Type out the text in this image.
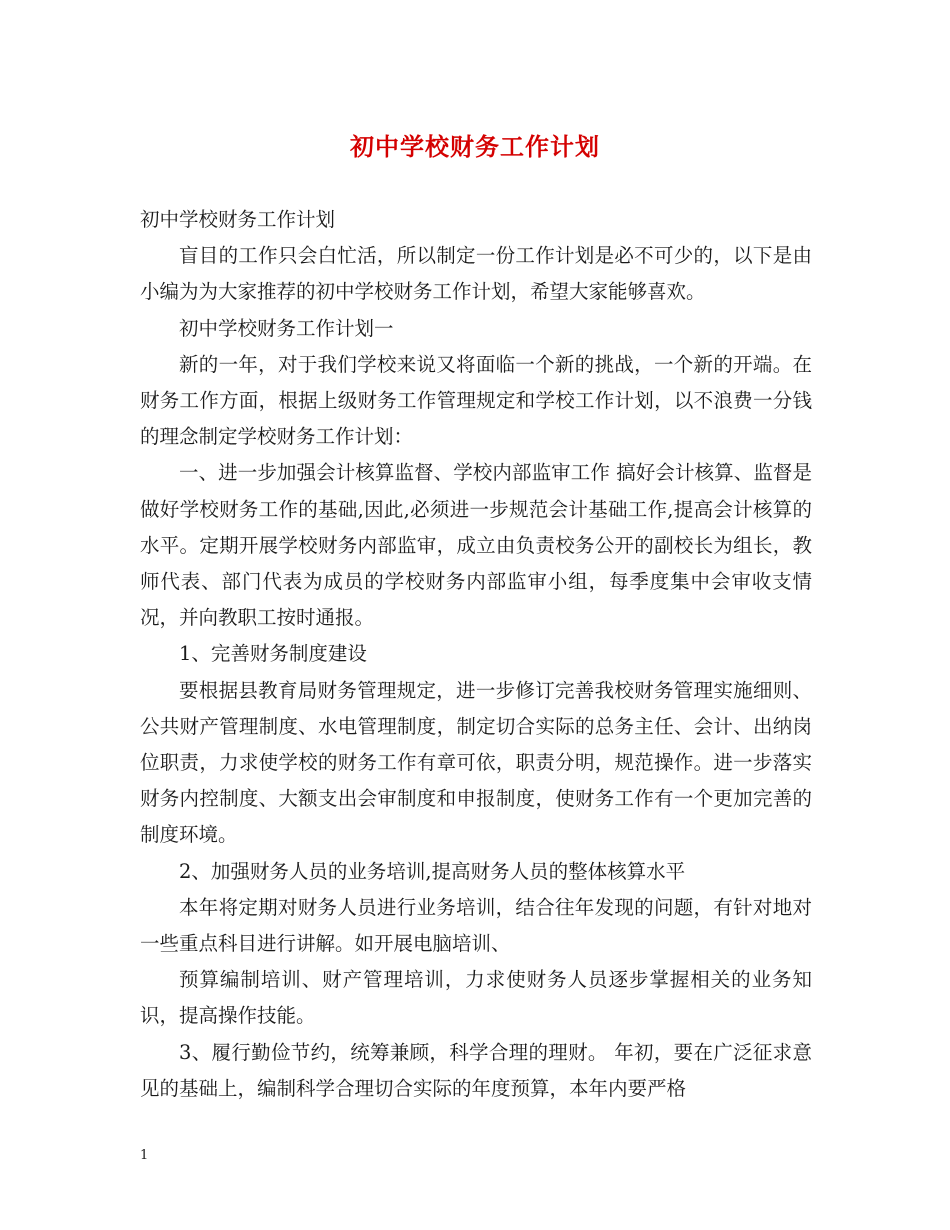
初中学校财务工作计划

初中学校财务工作计划

盲目的工作只会白忙活，所以制定一份工作计划是必不可少的，以下是由小编为为大家推荐的初中学校财务工作计划，希望大家能够喜欢。

初中学校财务工作计划一

新的一年，对于我们学校来说又将面临一个新的挑战，一个新的开端。在财务工作方面，根据上级财务工作管理规定和学校工作计划，以不浪费一分钱的理念制定学校财务工作计划：

一、进一步加强会计核算监督、学校内部监审工作 搞好会计核算、监督是做好学校财务工作的基础,因此,必须进一步规范会计基础工作,提高会计核算的水平。定期开展学校财务内部监审，成立由负责校务公开的副校长为组长，教师代表、部门代表为成员的学校财务内部监审小组，每季度集中会审收支情况，并向教职工按时通报。

1、完善财务制度建设

要根据县教育局财务管理规定，进一步修订完善我校财务管理实施细则、公共财产管理制度、水电管理制度，制定切合实际的总务主任、会计、出纳岗位职责，力求使学校的财务工作有章可依，职责分明，规范操作。进一步落实财务内控制度、大额支出会审制度和申报制度，使财务工作有一个更加完善的制度环境。

2、加强财务人员的业务培训,提高财务人员的整体核算水平

本年将定期对财务人员进行业务培训，结合往年发现的问题，有针对地对一些重点科目进行讲解。如开展电脑培训、

预算编制培训、财产管理培训，力求使财务人员逐步掌握相关的业务知识，提高操作技能。

3、履行勤俭节约，统筹兼顾，科学合理的理财。 年初，要在广泛征求意见的基础上，编制科学合理切合实际的年度预算，本年内要严格

1
